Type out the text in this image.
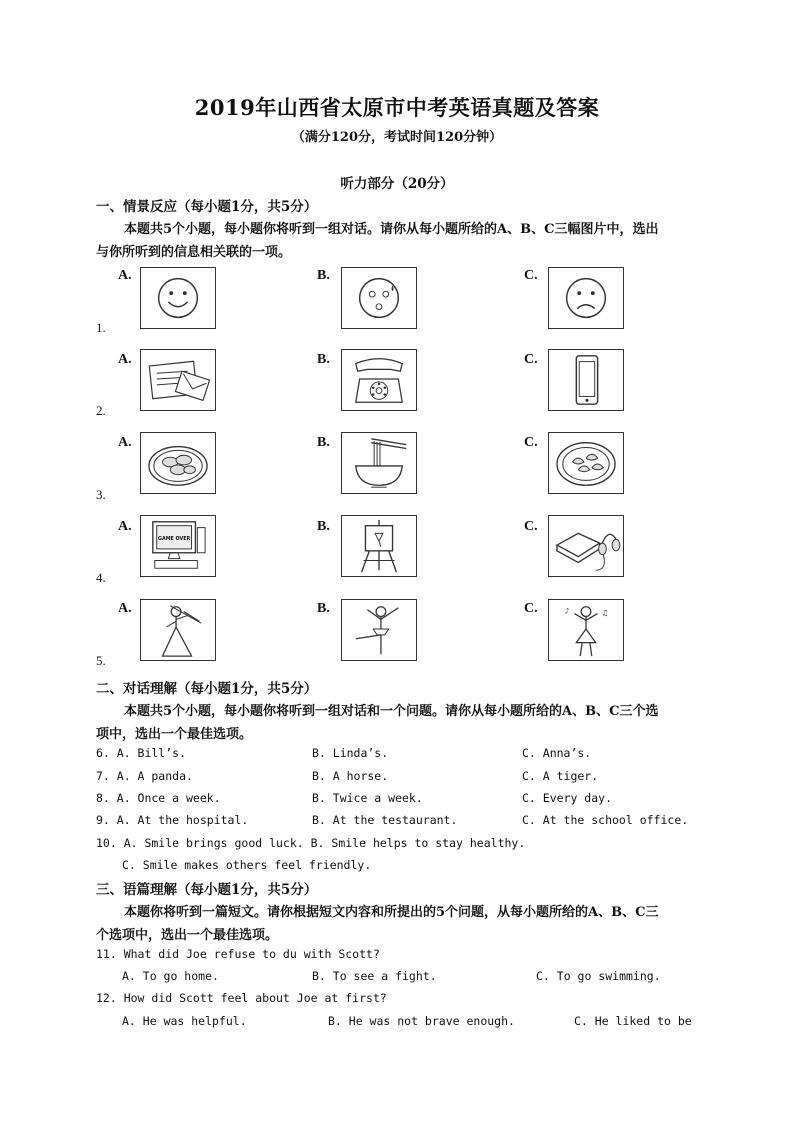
2019年山西省太原市中考英语真题及答案
（满分120分，考试时间120分钟）
听力部分（20分）
一、情景反应（每小题1分，共5分）
本题共5个小题，每小题你将听到一组对话。请你从每小题所给的A、B、C三幅图片中，选出
与你所听到的信息相关联的一项。
A.	B.	C.
1.
A.	B.	C.
2.
A.	B.	C.
3.
A.	B.	C.
4.
GAME OVER
A.	B.	C.
5.
♪	♫
二、对话理解（每小题1分，共5分）
本题共5个小题，每小题你将听到一组对话和一个问题。请你从每小题所给的A、B、C三个选
项中，选出一个最佳选项。
6. A. Bill’s.	B. Linda’s.	C. Anna’s.
7. A. A panda.	B. A horse.	C. A tiger.
8. A. Once a week.	B. Twice a week.	C. Every day.
9. A. At the hospital.	B. At the testaurant.	C. At the school office.
10. A. Smile brings good luck. B. Smile helps to stay healthy.
C. Smile makes others feel friendly.
三、语篇理解（每小题1分，共5分）
本题你将听到一篇短文。请你根据短文内容和所提出的5个问题，从每小题所给的A、B、C三
个选项中，选出一个最佳选项。
11. What did Joe refuse to du with Scott?
A. To go home.	B. To see a fight.	C. To go swimming.
12. How did Scott feel about Joe at first?
A. He was helpful.	B. He was not brave enough.	C. He liked to be
